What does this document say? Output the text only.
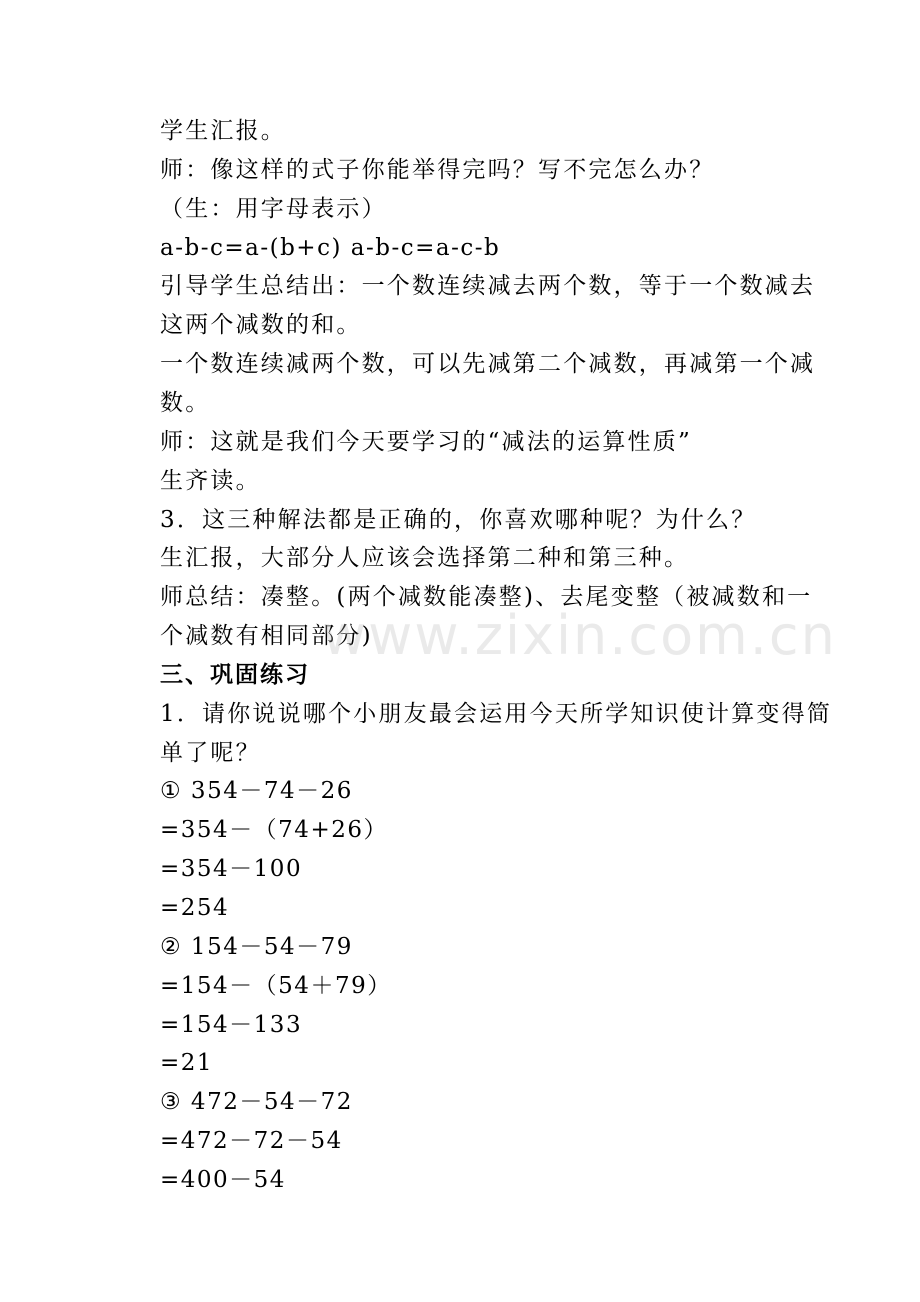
学生汇报。
师：像这样的式子你能举得完吗？写不完怎么办？
（生：用字母表示）
a-b-c=a-(b+c) a-b-c=a-c-b
引导学生总结出：一个数连续减去两个数，等于一个数减去
这两个减数的和。
一个数连续减两个数，可以先减第二个减数，再减第一个减
数。
师：这就是我们今天要学习的“减法的运算性质”
生齐读。
3．这三种解法都是正确的，你喜欢哪种呢？为什么？
生汇报，大部分人应该会选择第二种和第三种。
师总结：凑整。(两个减数能凑整)、去尾变整（被减数和一
个减数有相同部分)
三、巩固练习
1．请你说说哪个小朋友最会运用今天所学知识使计算变得简
单了呢？
① 354－74－26
=354－（74+26）
=354－100
=254
② 154－54－79
=154－（54＋79）
=154－133
=21
③ 472－54－72
=472－72－54
=400－54
www.zixin.com.cn
